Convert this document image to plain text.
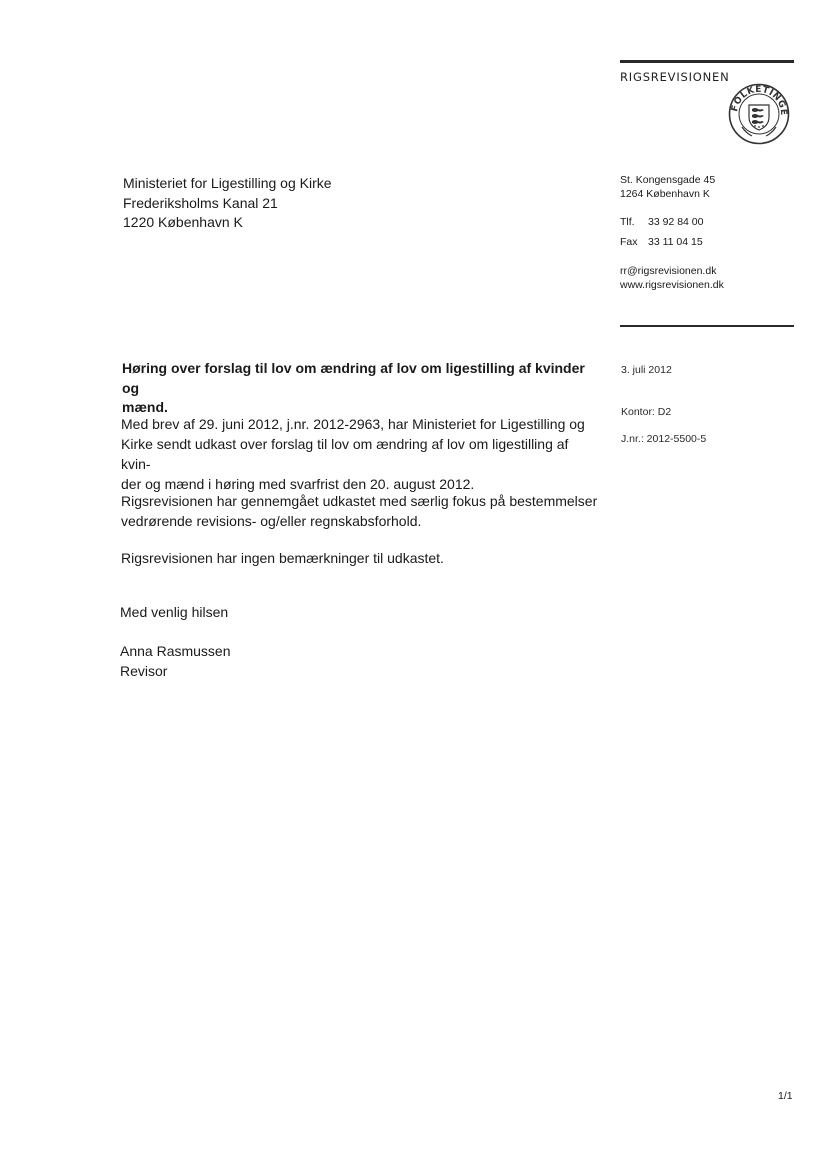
RIGSREVISIONEN
FOLKETINGE
Ministeriet for Ligestilling og Kirke
Frederiksholms Kanal 21
1220 København K
St. Kongensgade 45
1264 København K
Tlf.	33 92 84 00
Fax 33 11 04 15
rr@rigsrevisionen.dk
www.rigsrevisionen.dk
Høring over forslag til lov om ændring af lov om ligestilling af kvinder og
mænd.
3. juli 2012
Kontor: D2
J.nr.: 2012-5500-5
Med brev af 29. juni 2012, j.nr. 2012-2963, har Ministeriet for Ligestilling og
Kirke sendt udkast over forslag til lov om ændring af lov om ligestilling af kvin-
der og mænd i høring med svarfrist den 20. august 2012.
Rigsrevisionen har gennemgået udkastet med særlig fokus på bestemmelser
vedrørende revisions- og/eller regnskabsforhold.
Rigsrevisionen har ingen bemærkninger til udkastet.
Med venlig hilsen
Anna Rasmussen
Revisor
1/1
